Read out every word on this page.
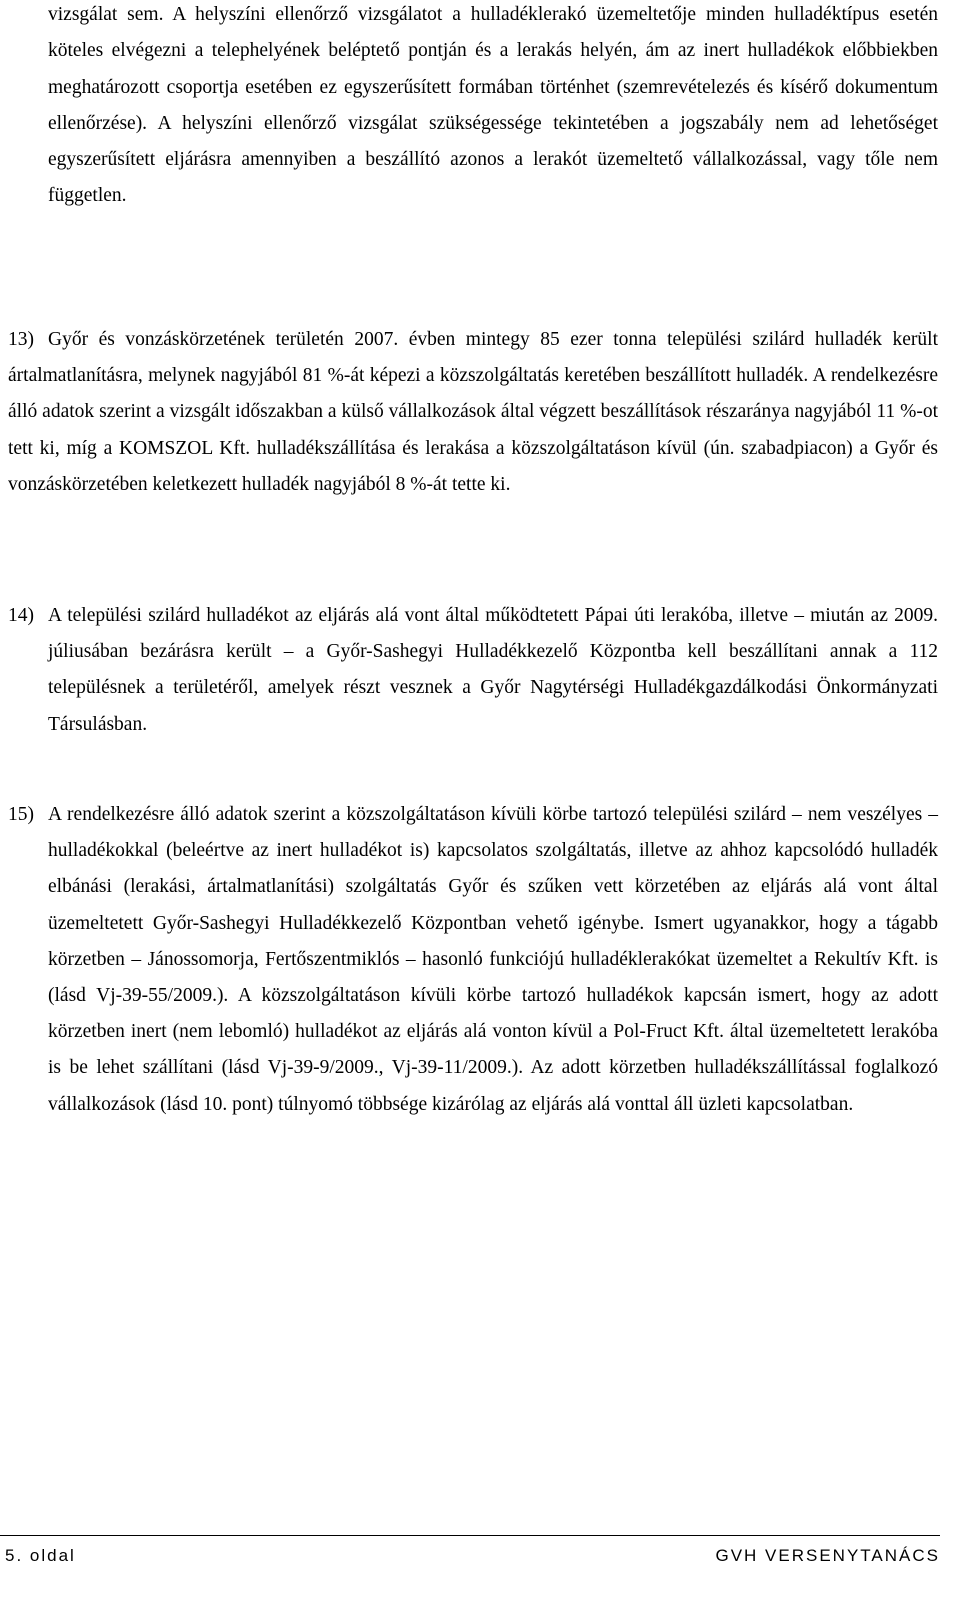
vizsgálat sem. A helyszíni ellenőrző vizsgálatot a hulladéklerakó üzemeltetője minden hulladéktípus esetén köteles elvégezni a telephelyének beléptető pontján és a lerakás helyén, ám az inert hulladékok előbbiekben meghatározott csoportja esetében ez egyszerűsített formában történhet (szemrevételezés és kísérő dokumentum ellenőrzése). A helyszíni ellenőrző vizsgálat szükségessége tekintetében a jogszabály nem ad lehetőséget egyszerűsített eljárásra amennyiben a beszállító azonos a lerakót üzemeltető vállalkozással, vagy tőle nem független.

13) Győr és vonzáskörzetének területén 2007. évben mintegy 85 ezer tonna települési szilárd hulladék került ártalmatlanításra, melynek nagyjából 81 %-át képezi a közszolgáltatás keretében beszállított hulladék. A rendelkezésre álló adatok szerint a vizsgált időszakban a külső vállalkozások által végzett beszállítások részaránya nagyjából 11 %-ot tett ki, míg a KOMSZOL Kft. hulladékszállítása és lerakása a közszolgáltatáson kívül (ún. szabadpiacon) a Győr és vonzáskörzetében keletkezett hulladék nagyjából 8 %-át tette ki.
14) A települési szilárd hulladékot az eljárás alá vont által működtetett Pápai úti lerakóba, illetve – miután az 2009. júliusában bezárásra került – a Győr-Sashegyi Hulladékkezelő Központba kell beszállítani annak a 112 településnek a területéről, amelyek részt vesznek a Győr Nagytérségi Hulladékgazdálkodási Önkormányzati Társulásban.
15) A rendelkezésre álló adatok szerint a közszolgáltatáson kívüli körbe tartozó települési szilárd – nem veszélyes – hulladékokkal (beleértve az inert hulladékot is) kapcsolatos szolgáltatás, illetve az ahhoz kapcsolódó hulladék elbánási (lerakási, ártalmatlanítási) szolgáltatás Győr és szűken vett körzetében az eljárás alá vont által üzemeltetett Győr-Sashegyi Hulladékkezelő Központban vehető igénybe. Ismert ugyanakkor, hogy a tágabb körzetben – Jánossomorja, Fertőszentmiklós – hasonló funkciójú hulladéklerakókat üzemeltet a Rekultív Kft. is (lásd Vj-39-55/2009.). A közszolgáltatáson kívüli körbe tartozó hulladékok kapcsán ismert, hogy az adott körzetben inert (nem lebomló) hulladékot az eljárás alá vonton kívül a Pol-Fruct Kft. által üzemeltetett lerakóba is be lehet szállítani (lásd Vj-39-9/2009., Vj-39-11/2009.). Az adott körzetben hulladékszállítással foglalkozó vállalkozások (lásd 10. pont) túlnyomó többsége kizárólag az eljárás alá vonttal áll üzleti kapcsolatban.
5. oldal	GVH VERSENYTANÁCS
